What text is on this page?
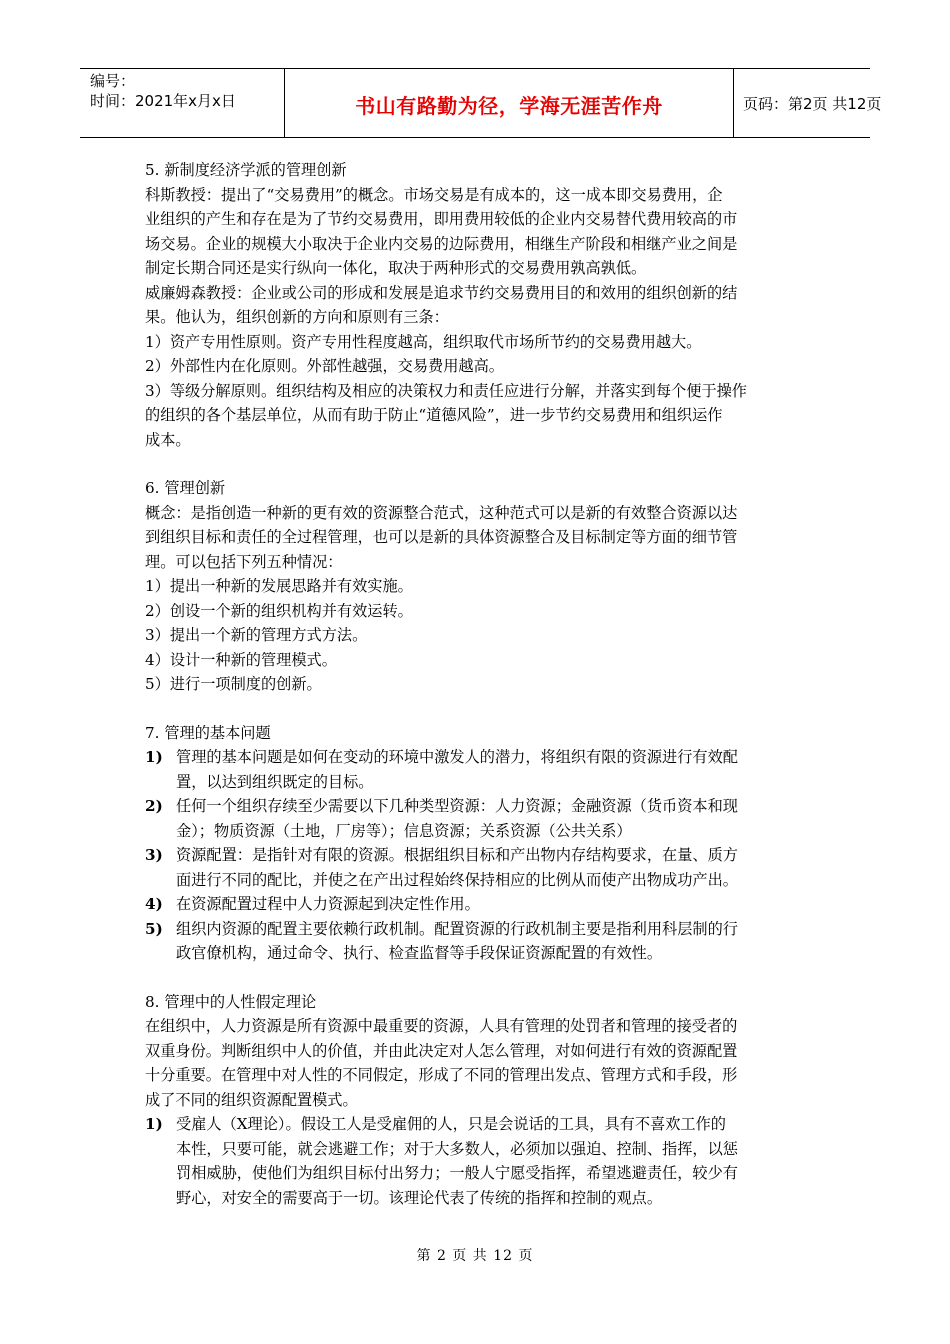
编号：
时间：2021年x月x日	书山有路勤为径，学海无涯苦作舟	页码：第2页 共12页
5. 新制度经济学派的管理创新
科斯教授：提出了“交易费用”的概念。市场交易是有成本的，这一成本即交易费用，企
业组织的产生和存在是为了节约交易费用，即用费用较低的企业内交易替代费用较高的市
场交易。企业的规模大小取决于企业内交易的边际费用，相继生产阶段和相继产业之间是
制定长期合同还是实行纵向一体化，取决于两种形式的交易费用孰高孰低。
威廉姆森教授：企业或公司的形成和发展是追求节约交易费用目的和效用的组织创新的结
果。他认为，组织创新的方向和原则有三条：
1）资产专用性原则。资产专用性程度越高，组织取代市场所节约的交易费用越大。
2）外部性内在化原则。外部性越强，交易费用越高。
3）等级分解原则。组织结构及相应的决策权力和责任应进行分解，并落实到每个便于操作
的组织的各个基层单位，从而有助于防止“道德风险”，进一步节约交易费用和组织运作
成本。
6. 管理创新
概念：是指创造一种新的更有效的资源整合范式，这种范式可以是新的有效整合资源以达
到组织目标和责任的全过程管理，也可以是新的具体资源整合及目标制定等方面的细节管
理。可以包括下列五种情况：
1）提出一种新的发展思路并有效实施。
2）创设一个新的组织机构并有效运转。
3）提出一个新的管理方式方法。
4）设计一种新的管理模式。
5）进行一项制度的创新。
7. 管理的基本问题
1) 管理的基本问题是如何在变动的环境中激发人的潜力，将组织有限的资源进行有效配
置，以达到组织既定的目标。
2) 任何一个组织存续至少需要以下几种类型资源：人力资源；金融资源（货币资本和现
金）；物质资源（土地，厂房等）；信息资源；关系资源（公共关系）
3) 资源配置：是指针对有限的资源。根据组织目标和产出物内存结构要求，在量、质方
面进行不同的配比，并使之在产出过程始终保持相应的比例从而使产出物成功产出。
4) 在资源配置过程中人力资源起到决定性作用。
5) 组织内资源的配置主要依赖行政机制。配置资源的行政机制主要是指利用科层制的行
政官僚机构，通过命令、执行、检查监督等手段保证资源配置的有效性。
8. 管理中的人性假定理论
在组织中，人力资源是所有资源中最重要的资源，人具有管理的处罚者和管理的接受者的
双重身份。判断组织中人的价值，并由此决定对人怎么管理，对如何进行有效的资源配置
十分重要。在管理中对人性的不同假定，形成了不同的管理出发点、管理方式和手段，形
成了不同的组织资源配置模式。
1) 受雇人（X理论）。假设工人是受雇佣的人，只是会说话的工具，具有不喜欢工作的
本性，只要可能，就会逃避工作；对于大多数人，必须加以强迫、控制、指挥，以惩
罚相威胁，使他们为组织目标付出努力；一般人宁愿受指挥，希望逃避责任，较少有
野心，对安全的需要高于一切。该理论代表了传统的指挥和控制的观点。
第 2 页 共 12 页
